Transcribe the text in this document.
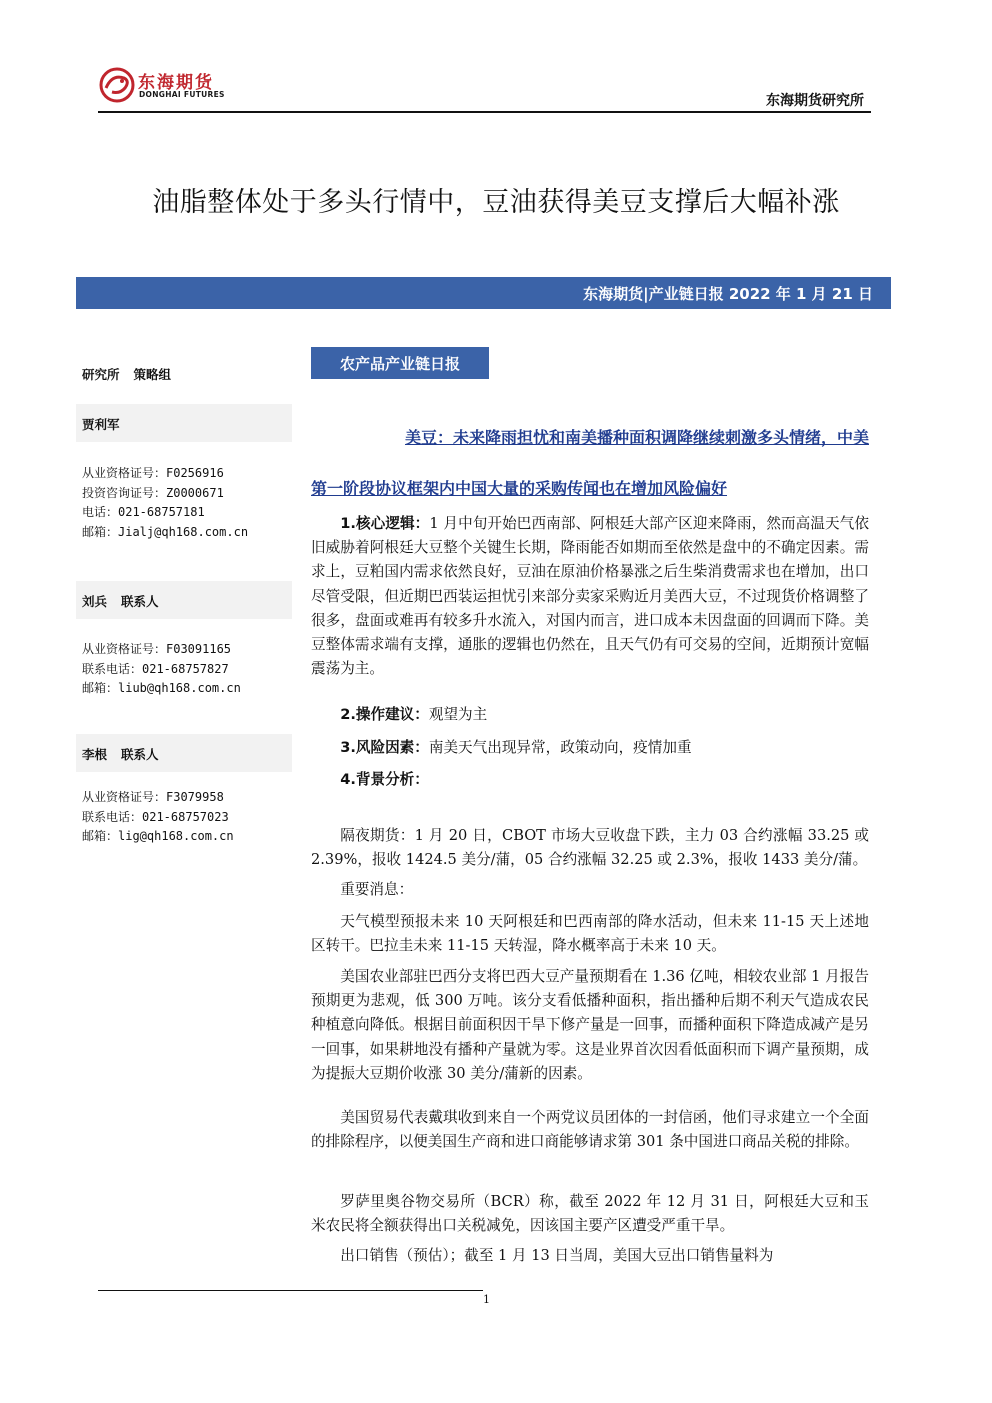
东海期货
DONGHAI FUTURES	东海期货研究所
油脂整体处于多头行情中，豆油获得美豆支撑后大幅补涨
东海期货|产业链日报 2022 年 1 月 21 日
研究所 策略组
贾利军
从业资格证号：F0256916
投资咨询证号：Z0000671
电话：021-68757181
邮箱：Jialj@qh168.com.cn
刘兵 联系人
从业资格证号：F03091165
联系电话：021-68757827
邮箱：liub@qh168.com.cn
李根 联系人
从业资格证号：F3079958
联系电话：021-68757023
邮箱：lig@qh168.com.cn
农产品产业链日报
美豆：未来降雨担忧和南美播种面积调降继续刺激多头情绪，中美
第一阶段协议框架内中国大量的采购传闻也在增加风险偏好

1.核心逻辑：1 月中旬开始巴西南部、阿根廷大部产区迎来降雨，然而高温天气依旧威胁着阿根廷大豆整个关键生长期，降雨能否如期而至依然是盘中的不确定因素。需求上，豆粕国内需求依然良好，豆油在原油价格暴涨之后生柴消费需求也在增加，出口尽管受限，但近期巴西装运担忧引来部分卖家采购近月美西大豆，不过现货价格调整了很多，盘面或难再有较多升水流入，对国内而言，进口成本未因盘面的回调而下降。美豆整体需求端有支撑，通胀的逻辑也仍然在，且天气仍有可交易的空间，近期预计宽幅震荡为主。

2.操作建议：观望为主

3.风险因素：南美天气出现异常，政策动向，疫情加重

4.背景分析：

隔夜期货：1 月 20 日，CBOT 市场大豆收盘下跌，主力 03 合约涨幅 33.25 或 2.39%，报收 1424.5 美分/蒲，05 合约涨幅 32.25 或 2.3%，报收 1433 美分/蒲。

重要消息：

天气模型预报未来 10 天阿根廷和巴西南部的降水活动，但未来 11-15 天上述地区转干。巴拉圭未来 11-15 天转湿，降水概率高于未来 10 天。

美国农业部驻巴西分支将巴西大豆产量预期看在 1.36 亿吨，相较农业部 1 月报告预期更为悲观，低 300 万吨。该分支看低播种面积，指出播种后期不利天气造成农民种植意向降低。根据目前面积因干旱下修产量是一回事，而播种面积下降造成减产是另一回事，如果耕地没有播种产量就为零。这是业界首次因看低面积而下调产量预期，成为提振大豆期价收涨 30 美分/蒲新的因素。

美国贸易代表戴琪收到来自一个两党议员团体的一封信函，他们寻求建立一个全面的排除程序，以便美国生产商和进口商能够请求第 301 条中国进口商品关税的排除。

罗萨里奥谷物交易所（BCR）称，截至 2022 年 12 月 31 日，阿根廷大豆和玉米农民将全额获得出口关税减免，因该国主要产区遭受严重干旱。

出口销售（预估）；截至 1 月 13 日当周，美国大豆出口销售量料为

1
